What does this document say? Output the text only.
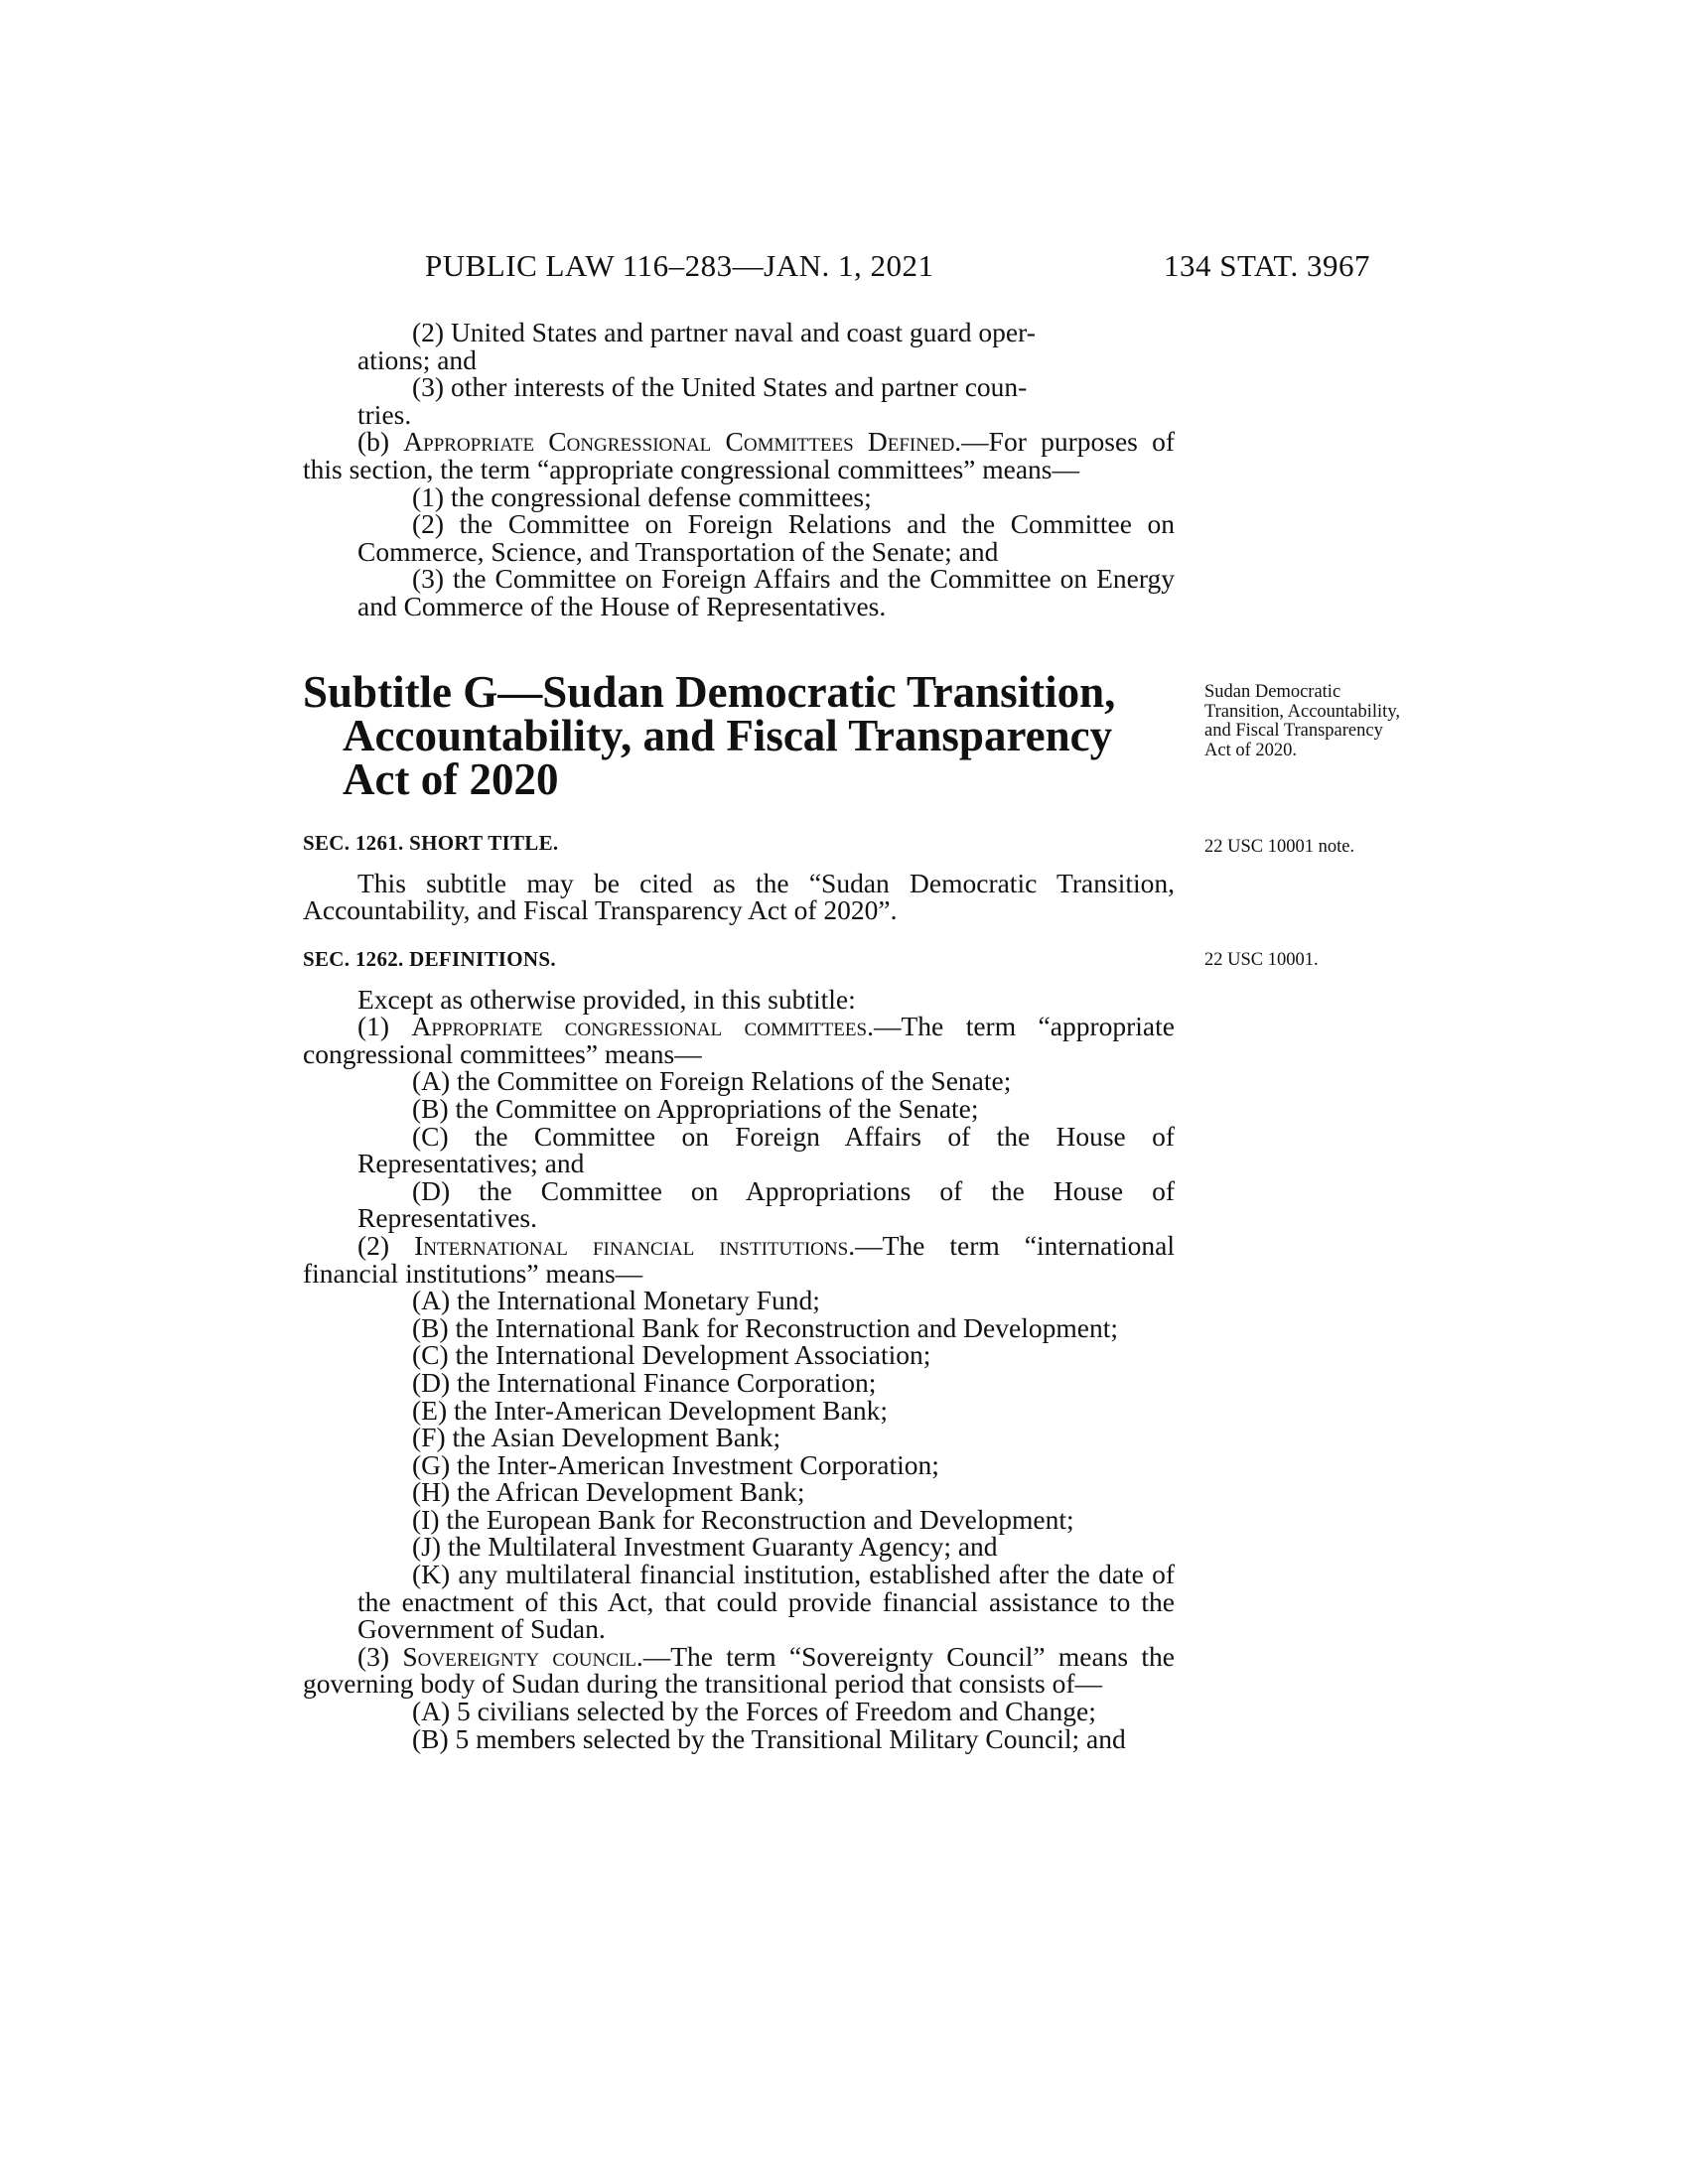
PUBLIC LAW 116–283—JAN. 1, 2021	134 STAT. 3967

(2) United States and partner naval and coast guard oper-

ations; and

(3) other interests of the United States and partner coun-

tries.

(b) Appropriate Congressional Committees Defined.—For purposes of this section, the term “appropriate congressional committees” means—

(1) the congressional defense committees;

(2) the Committee on Foreign Relations and the Committee on Commerce, Science, and Transportation of the Senate; and

(3) the Committee on Foreign Affairs and the Committee on Energy and Commerce of the House of Representatives.

Subtitle G—Sudan Democratic Transition,

Accountability, and Fiscal Transparency
Act of 2020

SEC. 1261. SHORT TITLE.

This subtitle may be cited as the “Sudan Democratic Transition, Accountability, and Fiscal Transparency Act of 2020”.

SEC. 1262. DEFINITIONS.

Except as otherwise provided, in this subtitle:

(1) Appropriate congressional committees.—The term “appropriate congressional committees” means—

(A) the Committee on Foreign Relations of the Senate;

(B) the Committee on Appropriations of the Senate;

(C) the Committee on Foreign Affairs of the House of Representatives; and

(D) the Committee on Appropriations of the House of Representatives.

(2) International financial institutions.—The term “international financial institutions” means—

(A) the International Monetary Fund;

(B) the International Bank for Reconstruction and Development;

(C) the International Development Association;

(D) the International Finance Corporation;

(E) the Inter-American Development Bank;

(F) the Asian Development Bank;

(G) the Inter-American Investment Corporation;

(H) the African Development Bank;

(I) the European Bank for Reconstruction and Development;

(J) the Multilateral Investment Guaranty Agency; and

(K) any multilateral financial institution, established after the date of the enactment of this Act, that could provide financial assistance to the Government of Sudan.

(3) Sovereignty council.—The term “Sovereignty Council” means the governing body of Sudan during the transitional period that consists of—

(A) 5 civilians selected by the Forces of Freedom and Change;

(B) 5 members selected by the Transitional Military Council; and

Sudan Democratic Transition, Accountability, and Fiscal Transparency Act of 2020.
22 USC 10001 note.
22 USC 10001.
